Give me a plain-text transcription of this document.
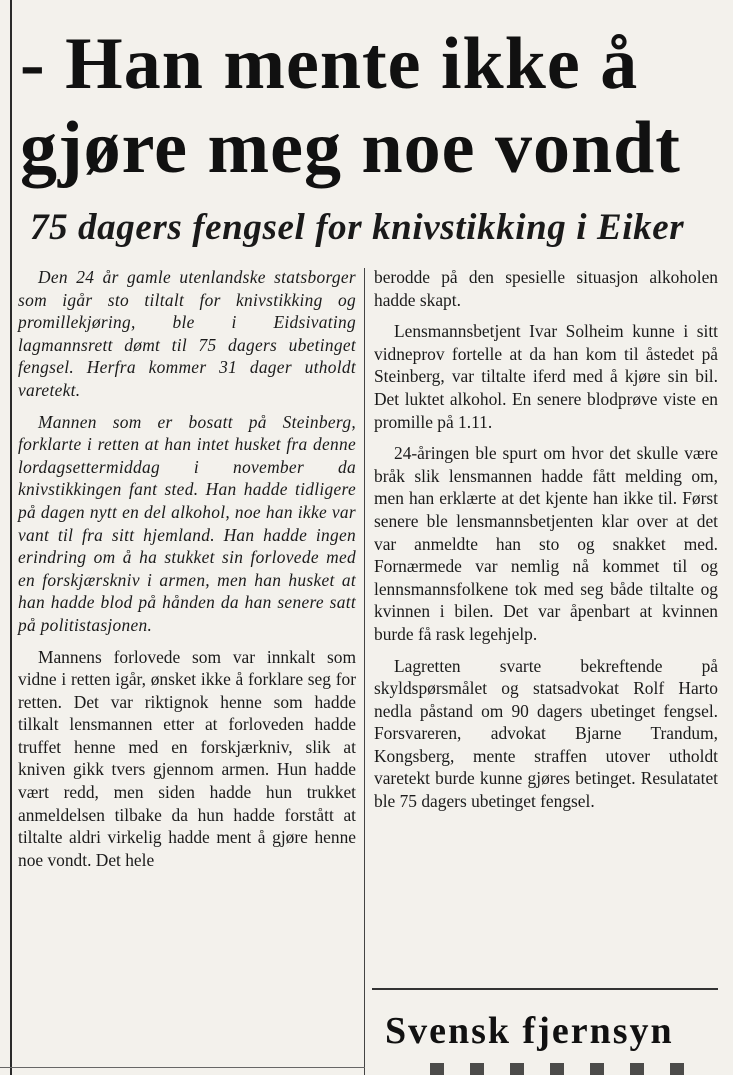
- Han mente ikke å gjøre meg noe vondt
75 dagers fengsel for knivstikking i Eiker

Den 24 år gamle utenlandske statsborger som igår sto tiltalt for knivstikking og promillekjøring, ble i Eidsivating lagmannsrett dømt til 75 dagers ubetinget fengsel. Herfra kommer 31 dager utholdt varetekt.

Mannen som er bosatt på Steinberg, forklarte i retten at han intet husket fra denne lordagsettermiddag i november da knivstikkingen fant sted. Han hadde tidligere på dagen nytt en del alkohol, noe han ikke var vant til fra sitt hjemland. Han hadde ingen erindring om å ha stukket sin forlovede med en forskjærskniv i armen, men han husket at han hadde blod på hånden da han senere satt på politistasjonen.

Mannens forlovede som var innkalt som vidne i retten igår, ønsket ikke å forklare seg for retten. Det var riktignok henne som hadde tilkalt lensmannen etter at forloveden hadde truffet henne med en forskjærkniv, slik at kniven gikk tvers gjennom armen. Hun hadde vært redd, men siden hadde hun trukket anmeldelsen tilbake da hun hadde forstått at tiltalte aldri virkelig hadde ment å gjøre henne noe vondt. Det hele

berodde på den spesielle situasjon alkoholen hadde skapt.

Lensmannsbetjent Ivar Solheim kunne i sitt vidneprov fortelle at da han kom til åstedet på Steinberg, var tiltalte iferd med å kjøre sin bil. Det luktet alkohol. En senere blodprøve viste en promille på 1.11.

24-åringen ble spurt om hvor det skulle være bråk slik lensmannen hadde fått melding om, men han erklærte at det kjente han ikke til. Først senere ble lensmannsbetjenten klar over at det var anmeldte han sto og snakket med. Fornærmede var nemlig nå kommet til og lennsmannsfolkene tok med seg både tiltalte og kvinnen i bilen. Det var åpenbart at kvinnen burde få rask legehjelp.

Lagretten svarte bekreftende på skyldspørsmålet og statsadvokat Rolf Harto nedla påstand om 90 dagers ubetinget fengsel. Forsvareren, advokat Bjarne Trandum, Kongsberg, mente straffen utover utholdt varetekt burde kunne gjøres betinget. Resulatatet ble 75 dagers ubetinget fengsel.

Svensk fjernsyn
